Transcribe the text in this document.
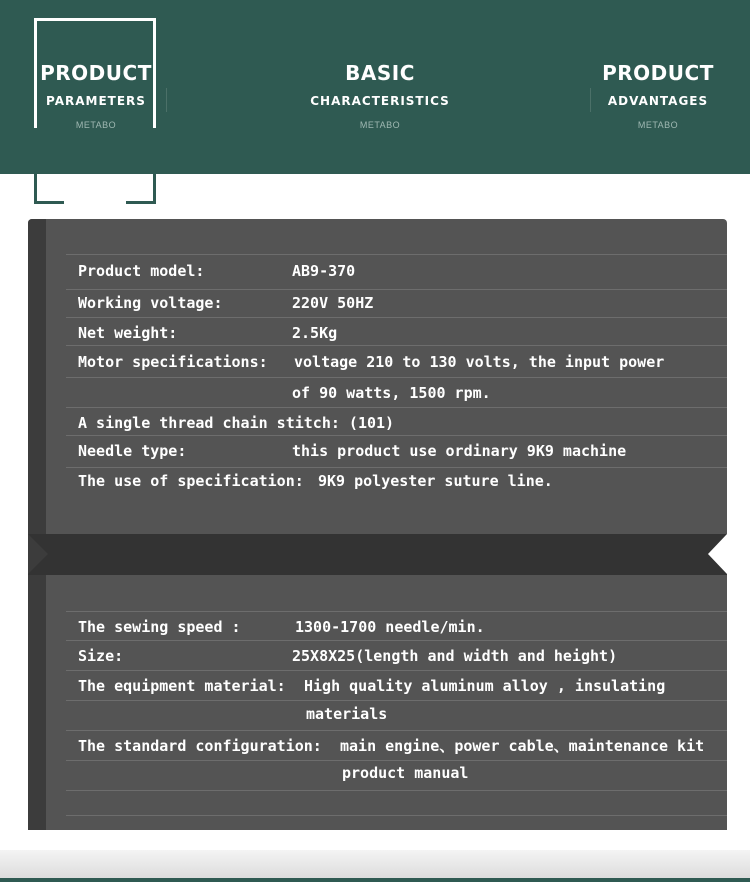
PRODUCT
PARAMETERS
METABO
BASIC
CHARACTERISTICS
METABO
PRODUCT
ADVANTAGES
METABO
Product model:	AB9-370
Working voltage:	220V 50HZ
Net weight:	2.5Kg
Motor specifications: voltage 210 to 130 volts, the input power
of 90 watts, 1500 rpm.
A single thread chain stitch: (101)
Needle type:	this product use ordinary 9K9 machine
The use of specification: 9K9 polyester suture line.
The sewing speed :	1300-1700 needle/min.
Size:	25X8X25(length and width and height)
The equipment material: High quality aluminum alloy , insulating
materials
The standard configuration: main engine、power cable、maintenance kit
product manual
